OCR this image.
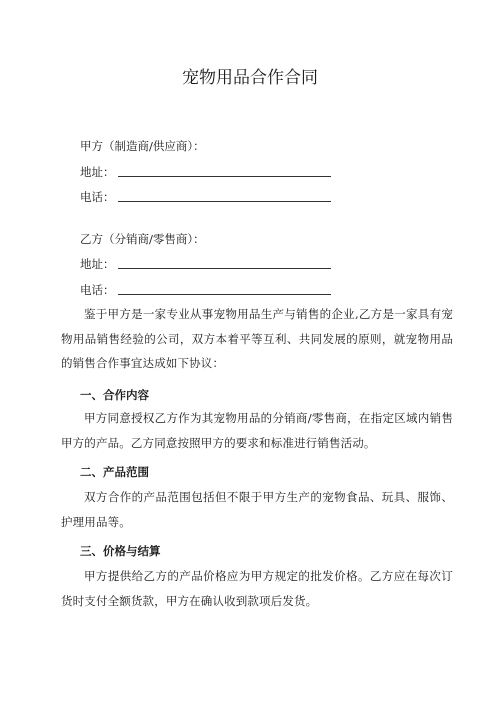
宠物用品合作合同
甲方（制造商/供应商）：
地址：
电话：
乙方（分销商/零售商）：
地址：
电话：
鉴于甲方是一家专业从事宠物用品生产与销售的企业,乙方是一家具有宠物用品销售经验的公司，双方本着平等互利、共同发展的原则，就宠物用品的销售合作事宜达成如下协议：
一、合作内容
甲方同意授权乙方作为其宠物用品的分销商/零售商，在指定区域内销售甲方的产品。乙方同意按照甲方的要求和标准进行销售活动。
二、产品范围
双方合作的产品范围包括但不限于甲方生产的宠物食品、玩具、服饰、护理用品等。
三、价格与结算
甲方提供给乙方的产品价格应为甲方规定的批发价格。乙方应在每次订货时支付全额货款，甲方在确认收到款项后发货。
